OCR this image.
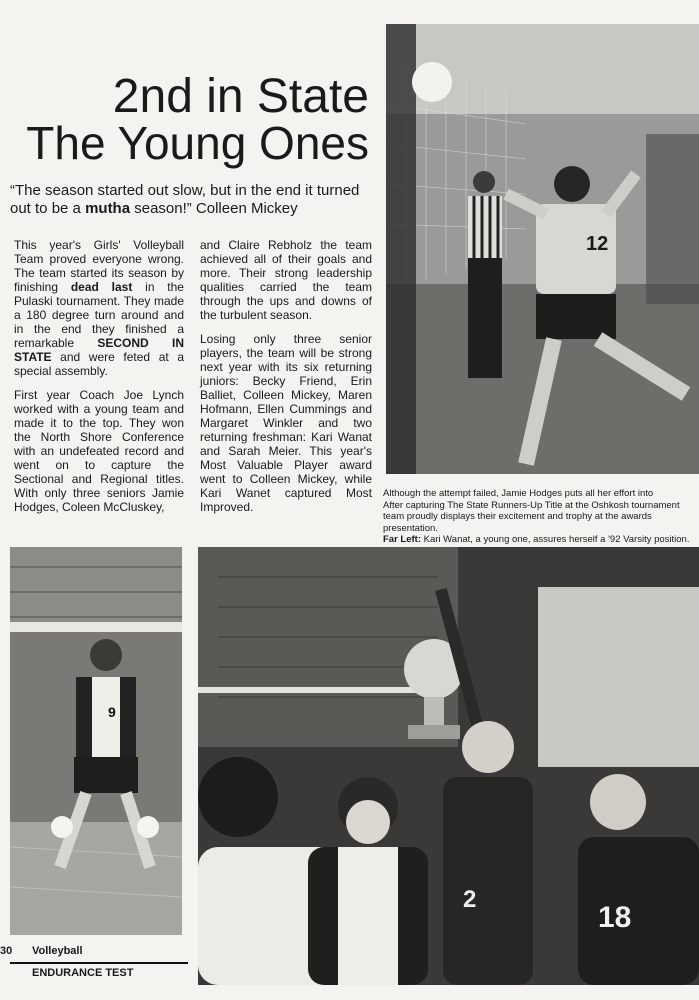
2nd in State
The Young Ones

“The season started out slow, but in the end it turned out to be a mutha season!” Colleen Mickey

This year's Girls' Volleyball Team proved everyone wrong. The team started its season by finishing dead last in the Pulaski tournament. They made a 180 degree turn around and in the end they finished a remarkable SECOND IN STATE and were feted at a special assembly.

First year Coach Joe Lynch worked with a young team and made it to the top. They won the North Shore Conference with an undefeated record and went on to capture the Sectional and Regional titles. With only three seniors Jamie Hodges, Coleen McCluskey,

and Claire Rebholz the team achieved all of their goals and more. Their strong leadership qualities carried the team through the ups and downs of the turbulent season.

Losing only three senior players, the team will be strong next year with its six returning juniors: Becky Friend, Erin Balliet, Colleen Mickey, Maren Hofmann, Ellen Cummings and Margaret Winkler and two returning freshman: Kari Wanat and Sarah Meier. This year's Most Valuable Player award went to Colleen Mickey, while Kari Wanet captured Most Improved.

12

Although the attempt failed, Jamie Hodges puts all her effort into
After capturing The State Runners-Up Title at the Oshkosh tournament
team proudly displays their excitement and trophy at the awards presentation.
Far Left: Kari Wanat, a young one, assures herself a '92 Varsity position.

9
2
18
30 Volleyball
ENDURANCE TEST
